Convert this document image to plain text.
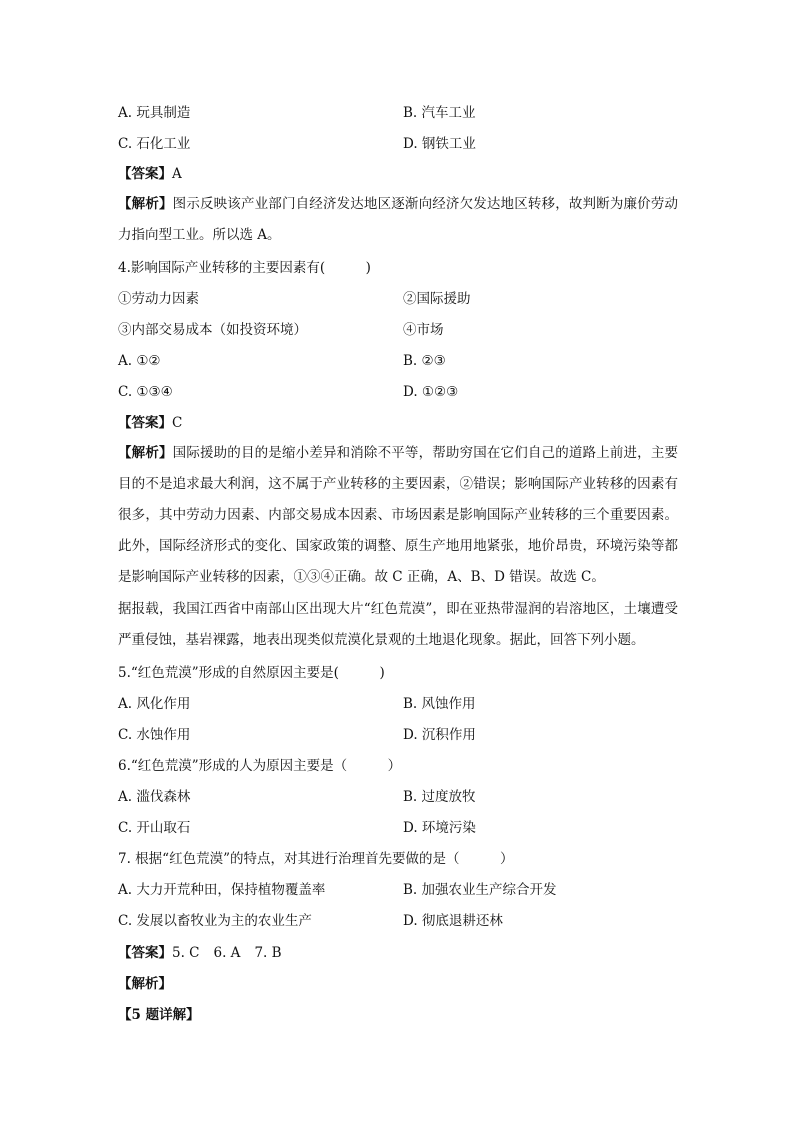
A. 玩具制造	B. 汽车工业
C. 石化工业	D. 钢铁工业
【答案】A
【解析】图示反映该产业部门自经济发达地区逐渐向经济欠发达地区转移，故判断为廉价劳动力指向型工业。所以选 A。
4.影响国际产业转移的主要因素有(　　　)
①劳动力因素	②国际援助
③内部交易成本（如投资环境）	④市场
A. ①②	B. ②③
C. ①③④	D. ①②③
【答案】C
【解析】国际援助的目的是缩小差异和消除不平等，帮助穷国在它们自己的道路上前进，主要目的不是追求最大利润，这不属于产业转移的主要因素，②错误；影响国际产业转移的因素有很多，其中劳动力因素、内部交易成本因素、市场因素是影响国际产业转移的三个重要因素。此外，国际经济形式的变化、国家政策的调整、原生产地用地紧张，地价昂贵，环境污染等都是影响国际产业转移的因素，①③④正确。故 C 正确，A、B、D 错误。故选 C。
据报载，我国江西省中南部山区出现大片“红色荒漠”，即在亚热带湿润的岩溶地区，土壤遭受严重侵蚀，基岩裸露，地表出现类似荒漠化景观的土地退化现象。据此，回答下列小题。
5.“红色荒漠”形成的自然原因主要是(　　　)
A. 风化作用	B. 风蚀作用
C. 水蚀作用	D. 沉积作用
6.“红色荒漠”形成的人为原因主要是（　　　）
A. 滥伐森林	B. 过度放牧
C. 开山取石	D. 环境污染
7. 根据“红色荒漠”的特点，对其进行治理首先要做的是（　　　）
A. 大力开荒种田，保持植物覆盖率	B. 加强农业生产综合开发
C. 发展以畜牧业为主的农业生产	D. 彻底退耕还林
【答案】5. C 6. A 7. B
【解析】
【5 题详解】
